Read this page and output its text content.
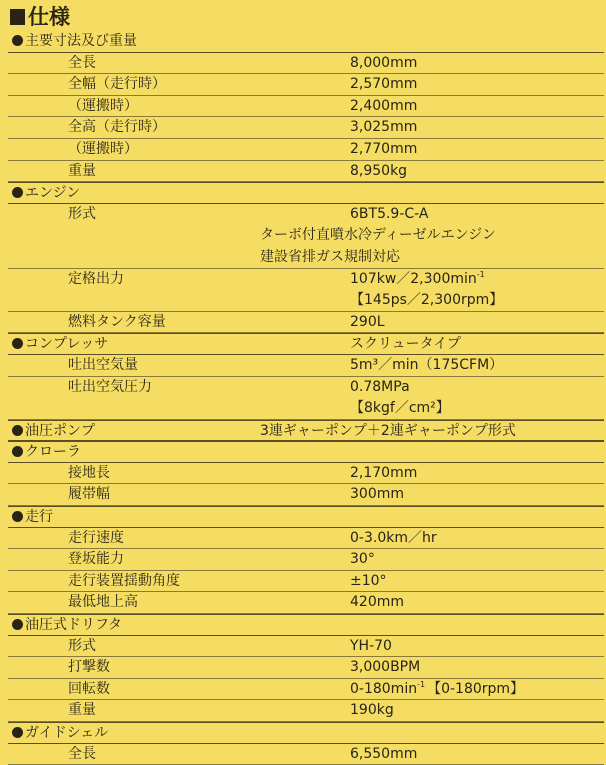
仕様
主要寸法及び重量
全長	8,000mm
全幅（走行時）	2,570mm
（運搬時）	2,400mm
全高（走行時）	3,025mm
（運搬時）	2,770mm
重量	8,950kg
エンジン
形式	6BT5.9-C-A
ターボ付直噴水冷ディーゼルエンジン
建設省排ガス規制対応
定格出力	$107kw/2,300\min^{-1}$
【145ps／2,300rpm】
燃料タンク容量	290L
コンプレッサ	スクリュータイプ
吐出空気量	5m³／min（175CFM）
吐出空気圧力	0.78MPa
【8kgf／cm²】
油圧ポンプ	3連ギャーポンプ＋2連ギャーポンプ形式
クローラ
接地長	2,170mm
履帯幅	300mm
走行
走行速度	0-3.0km／hr
登坂能力	30°
走行装置揺動角度	±10°
最低地上高	420mm
油圧式ドリフタ
形式	YH-70
打撃数	3,000BPM
回転数	$0-180\min^{-1}$ 【0-180rpm】
重量	190kg
ガイドシェル
全長	6,550mm
